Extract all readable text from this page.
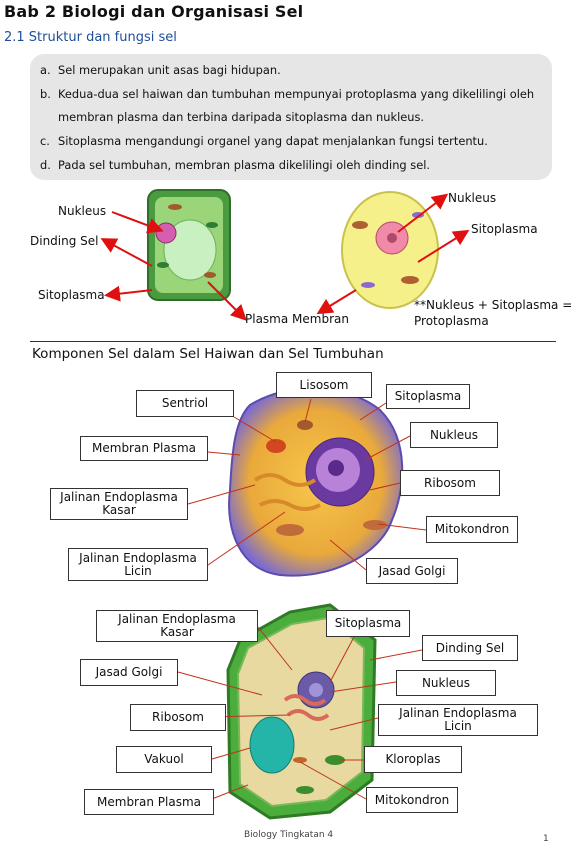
Bab 2 Biologi dan Organisasi Sel
2.1 Struktur dan fungsi sel
a. Sel merupakan unit asas bagi hidupan.
b. Kedua-dua sel haiwan dan tumbuhan mempunyai protoplasma yang dikelilingi oleh
membran plasma dan terbina daripada sitoplasma dan nukleus.
c. Sitoplasma mengandungi organel yang dapat menjalankan fungsi tertentu.
d. Pada sel tumbuhan, membran plasma dikelilingi oleh dinding sel.
Nukleus
Dinding Sel
Sitoplasma
Plasma Membran
Nukleus
Sitoplasma
**Nukleus + Sitoplasma =
Protoplasma
Komponen Sel dalam Sel Haiwan dan Sel Tumbuhan
Lisosom
Sentriol	Sitoplasma
Nukleus
Membran Plasma
Ribosom
Jalinan Endoplasma Kasar
Mitokondron
Jalinan Endoplasma Licin	Jasad Golgi
Jalinan Endoplasma Kasar
Sitoplasma
Dinding Sel
Jasad Golgi
Nukleus
Ribosom	Jalinan Endoplasma Licin
Vakuol	Kloroplas
Membran Plasma	Mitokondron
Biology Tingkatan 4	1
